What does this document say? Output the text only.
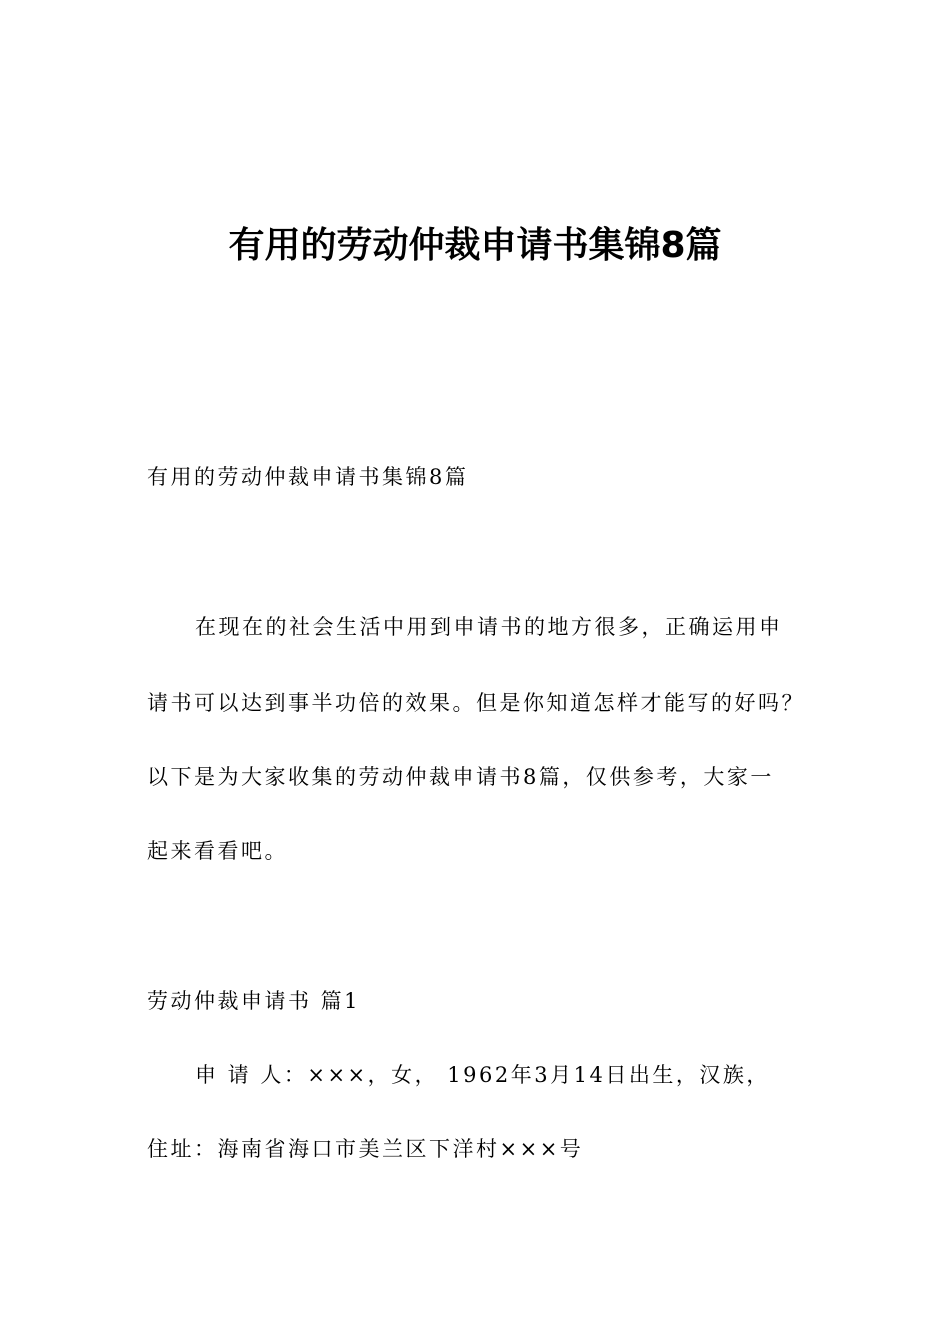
有用的劳动仲裁申请书集锦8篇
有用的劳动仲裁申请书集锦8篇
在现在的社会生活中用到申请书的地方很多，正确运用申
请书可以达到事半功倍的效果。但是你知道怎样才能写的好吗？
以下是为大家收集的劳动仲裁申请书8篇，仅供参考，大家一
起来看看吧。
劳动仲裁申请书 篇1
申 请 人：×××，女， 1962年3月14日出生，汉族，
住址：海南省海口市美兰区下洋村×××号
